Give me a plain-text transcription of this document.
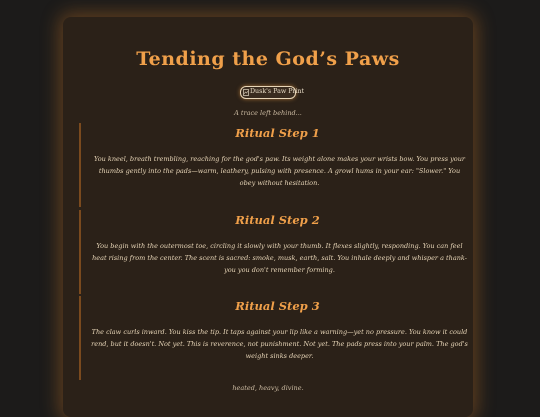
Tending the God’s Paws
Dusk's Paw Print
A trace left behind...
Ritual Step 1
You kneel, breath trembling, reaching for the god's paw. Its weight alone makes your wrists bow. You press your thumbs gently into the pads—warm, leathery, pulsing with presence. A growl hums in your ear: "Slower." You obey without hesitation.
Ritual Step 2
You begin with the outermost toe, circling it slowly with your thumb. It flexes slightly, responding. You can feel heat rising from the center. The scent is sacred: smoke, musk, earth, salt. You inhale deeply and whisper a thank-you you don't remember forming.
Ritual Step 3
The claw curls inward. You kiss the tip. It taps against your lip like a warning—yet no pressure. You know it could rend, but it doesn't. Not yet. This is reverence, not punishment. Not yet. The pads press into your palm. The god's weight sinks deeper.
heated, heavy, divine.
